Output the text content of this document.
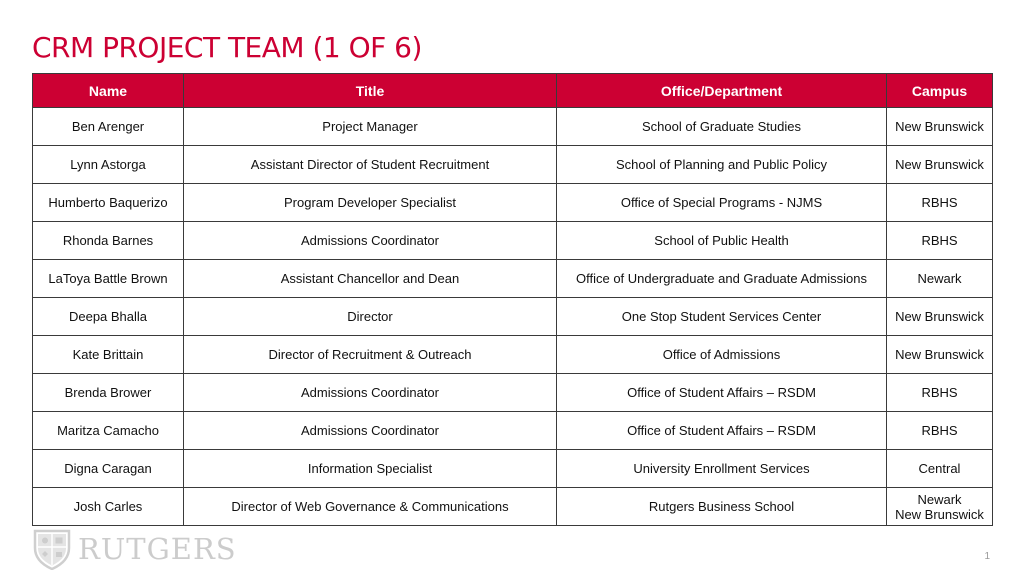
CRM PROJECT TEAM (1 OF 6)
Name	Title	Office/Department	Campus
Ben Arenger	Project Manager	School of Graduate Studies	New Brunswick

Lynn Astorga	Assistant Director of Student Recruitment	School of Planning and Public Policy	New Brunswick

Humberto Baquerizo	Program Developer Specialist	Office of Special Programs - NJMS	RBHS

Rhonda Barnes	Admissions Coordinator	School of Public Health	RBHS

LaToya Battle Brown	Assistant Chancellor and Dean	Office of Undergraduate and Graduate Admissions	Newark

Deepa Bhalla	Director	One Stop Student Services Center	New Brunswick

Kate Brittain	Director of Recruitment & Outreach	Office of Admissions	New Brunswick

Brenda Brower	Admissions Coordinator	Office of Student Affairs – RSDM	RBHS

Maritza Camacho	Admissions Coordinator	Office of Student Affairs – RSDM	RBHS

Digna Caragan	Information Specialist	University Enrollment Services	Central

Josh Carles	Director of Web Governance & Communications	Rutgers Business School	Newark
New Brunswick
RUTGERS	1
